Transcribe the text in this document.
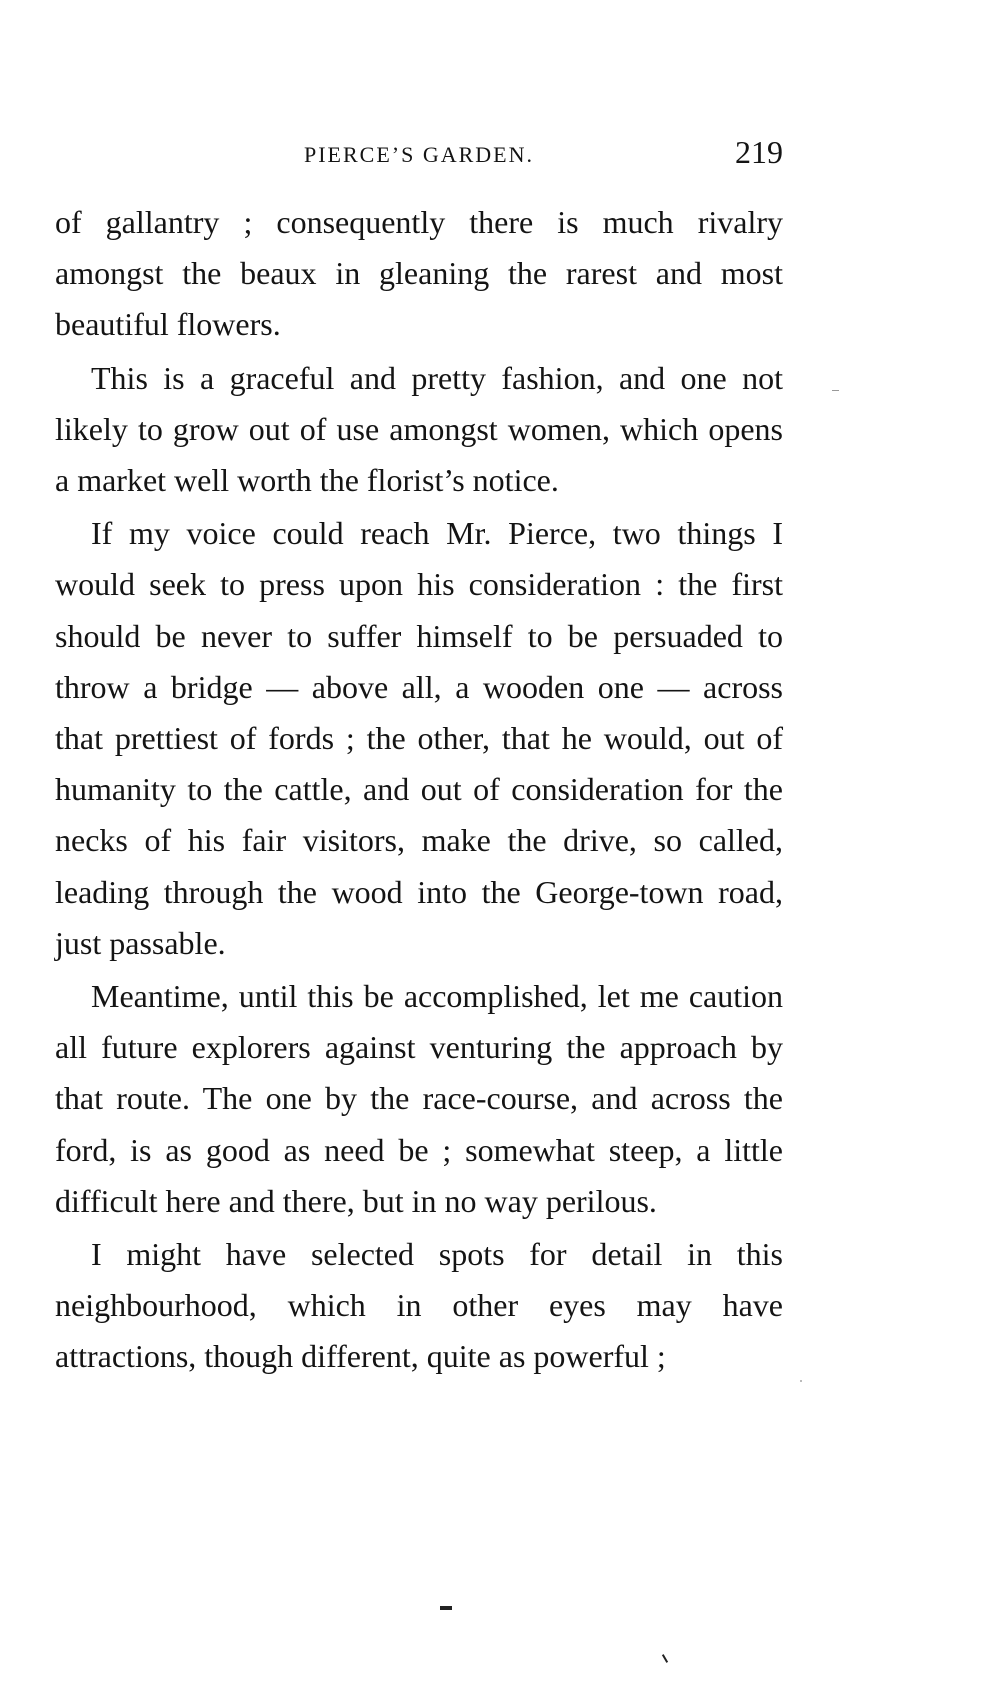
PIERCE’S GARDEN.	219

of gallantry ; consequently there is much rivalry amongst the beaux in gleaning the rarest and most beautiful flowers.

This is a graceful and pretty fashion, and one not likely to grow out of use amongst women, which opens a market well worth the florist’s notice.

If my voice could reach Mr. Pierce, two things I would seek to press upon his consideration : the first should be never to suffer himself to be persuaded to throw a bridge — above all, a wooden one — across that prettiest of fords ; the other, that he would, out of humanity to the cattle, and out of consideration for the necks of his fair visitors, make the drive, so called, leading through the wood into the George-town road, just passable.

Meantime, until this be accomplished, let me caution all future explorers against venturing the approach by that route. The one by the race-course, and across the ford, is as good as need be ; somewhat steep, a little difficult here and there, but in no way perilous.

I might have selected spots for detail in this neighbourhood, which in other eyes may have attractions, though different, quite as powerful ;
